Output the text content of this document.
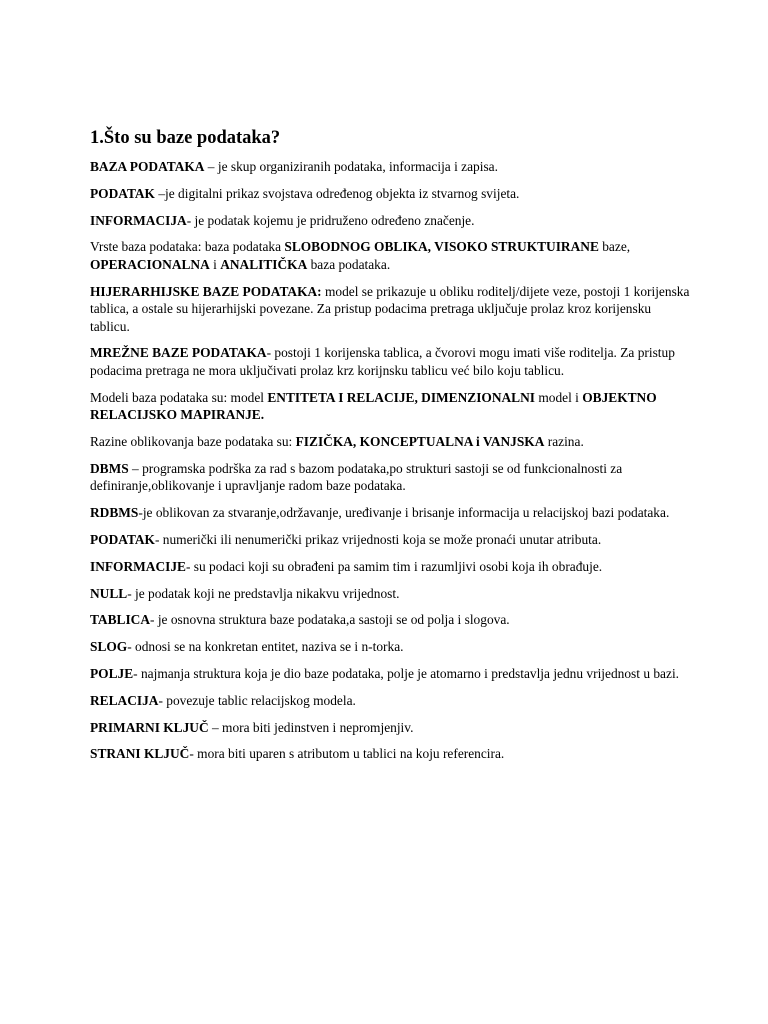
1.Što su baze podataka?

BAZA PODATAKA – je skup organiziranih podataka, informacija i zapisa.

PODATAK –je digitalni prikaz svojstava određenog objekta iz stvarnog svijeta.

INFORMACIJA- je podatak kojemu je pridruženo određeno značenje.

Vrste baza podataka: baza podataka SLOBODNOG OBLIKA, VISOKO STRUKTUIRANE baze, OPERACIONALNA i ANALITIČKA baza podataka.

HIJERARHIJSKE BAZE PODATAKA: model se prikazuje u obliku roditelj/dijete veze, postoji 1 korijenska tablica, a ostale su hijerarhijski povezane. Za pristup podacima pretraga uključuje prolaz kroz korijensku tablicu.

MREŽNE BAZE PODATAKA- postoji 1 korijenska tablica, a čvorovi mogu imati više roditelja. Za pristup podacima pretraga ne mora uključivati prolaz krz korijnsku tablicu već bilo koju tablicu.

Modeli baza podataka su: model ENTITETA I RELACIJE, DIMENZIONALNI model i OBJEKTNO RELACIJSKO MAPIRANJE.

Razine oblikovanja baze podataka su: FIZIČKA, KONCEPTUALNA i VANJSKA razina.

DBMS – programska podrška za rad s bazom podataka,po strukturi sastoji se od funkcionalnosti za definiranje,oblikovanje i upravljanje radom baze podataka.

RDBMS-je oblikovan za stvaranje,održavanje, uređivanje i brisanje informacija u relacijskoj bazi podataka.

PODATAK- numerički ili nenumerički prikaz vrijednosti koja se može pronaći unutar atributa.

INFORMACIJE- su podaci koji su obrađeni pa samim tim i razumljivi osobi koja ih obrađuje.

NULL- je podatak koji ne predstavlja nikakvu vrijednost.

TABLICA- je osnovna struktura baze podataka,a sastoji se od polja i slogova.

SLOG- odnosi se na konkretan entitet, naziva se i n-torka.

POLJE- najmanja struktura koja je dio baze podataka, polje je atomarno i predstavlja jednu vrijednost u bazi.

RELACIJA- povezuje tablic relacijskog modela.

PRIMARNI KLJUČ – mora biti jedinstven i nepromjenjiv.

STRANI KLJUČ- mora biti uparen s atributom u tablici na koju referencira.
